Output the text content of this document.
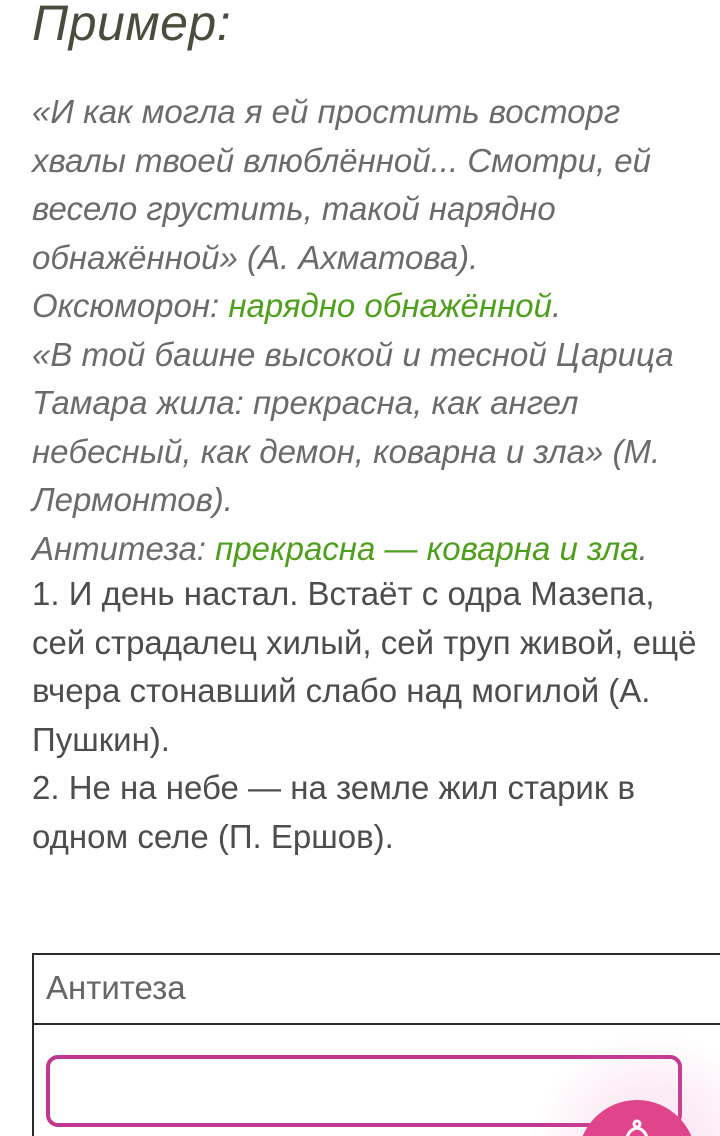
Пример:

«И как могла я ей простить восторг хвалы твоей влюблённой... Смотри, ей весело грустить, такой нарядно обнажённой» (А. Ахматова).
Оксюморон: нарядно обнажённой.

«В той башне высокой и тесной Царица Тамара жила: прекрасна, как ангел небесный, как демон, коварна и зла» (М. Лермонтов).
Антитеза: прекрасна — коварна и зла.

1. И день настал. Встаёт с одра Мазепа, сей страдалец хилый, сей труп живой, ещё вчера стонавший слабо над могилой (А. Пушкин).

2. Не на небе — на земле жил старик в одном селе (П. Ершов).

Антитеза
